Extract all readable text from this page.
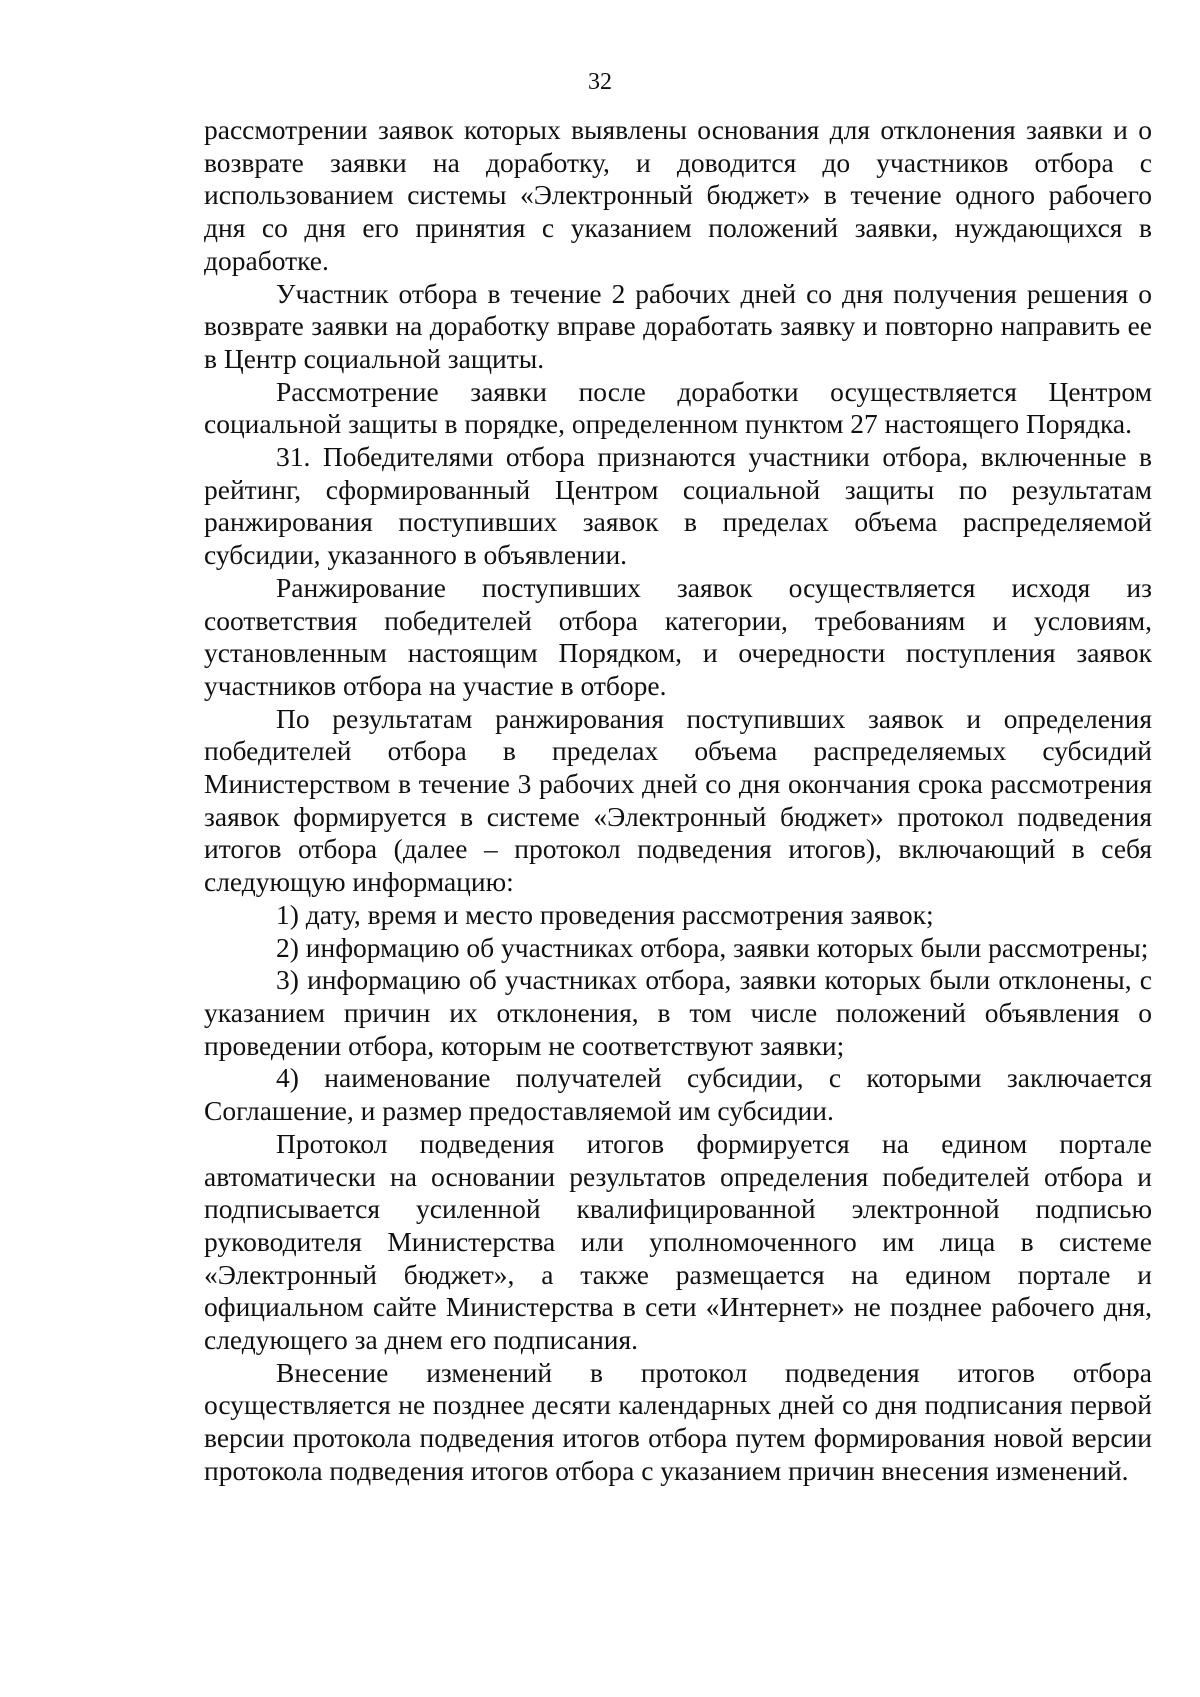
32

рассмотрении заявок которых выявлены основания для отклонения заявки и о возврате заявки на доработку, и доводится до участников отбора с использованием системы «Электронный бюджет» в течение одного рабочего дня со дня его принятия с указанием положений заявки, нуждающихся в доработке.

Участник отбора в течение 2 рабочих дней со дня получения решения о возврате заявки на доработку вправе доработать заявку и повторно направить ее в Центр социальной защиты.

Рассмотрение заявки после доработки осуществляется Центром социальной защиты в порядке, определенном пунктом 27 настоящего Порядка.

31. Победителями отбора признаются участники отбора, включенные в рейтинг, сформированный Центром социальной защиты по результатам ранжирования поступивших заявок в пределах объема распределяемой субсидии, указанного в объявлении.

Ранжирование поступивших заявок осуществляется исходя из соответствия победителей отбора категории, требованиям и условиям, установленным настоящим Порядком, и очередности поступления заявок участников отбора на участие в отборе.

По результатам ранжирования поступивших заявок и определения победителей отбора в пределах объема распределяемых субсидий Министерством в течение 3 рабочих дней со дня окончания срока рассмотрения заявок формируется в системе «Электронный бюджет» протокол подведения итогов отбора (далее – протокол подведения итогов), включающий в себя следующую информацию:

1) дату, время и место проведения рассмотрения заявок;

2) информацию об участниках отбора, заявки которых были рассмотрены;

3) информацию об участниках отбора, заявки которых были отклонены, с указанием причин их отклонения, в том числе положений объявления о проведении отбора, которым не соответствуют заявки;

4) наименование получателей субсидии, с которыми заключается Соглашение, и размер предоставляемой им субсидии.

Протокол подведения итогов формируется на едином портале автоматически на основании результатов определения победителей отбора и подписывается усиленной квалифицированной электронной подписью руководителя Министерства или уполномоченного им лица в системе «Электронный бюджет», а также размещается на едином портале и официальном сайте Министерства в сети «Интернет» не позднее рабочего дня, следующего за днем его подписания.

Внесение изменений в протокол подведения итогов отбора осуществляется не позднее десяти календарных дней со дня подписания первой версии протокола подведения итогов отбора путем формирования новой версии протокола подведения итогов отбора с указанием причин внесения изменений.
